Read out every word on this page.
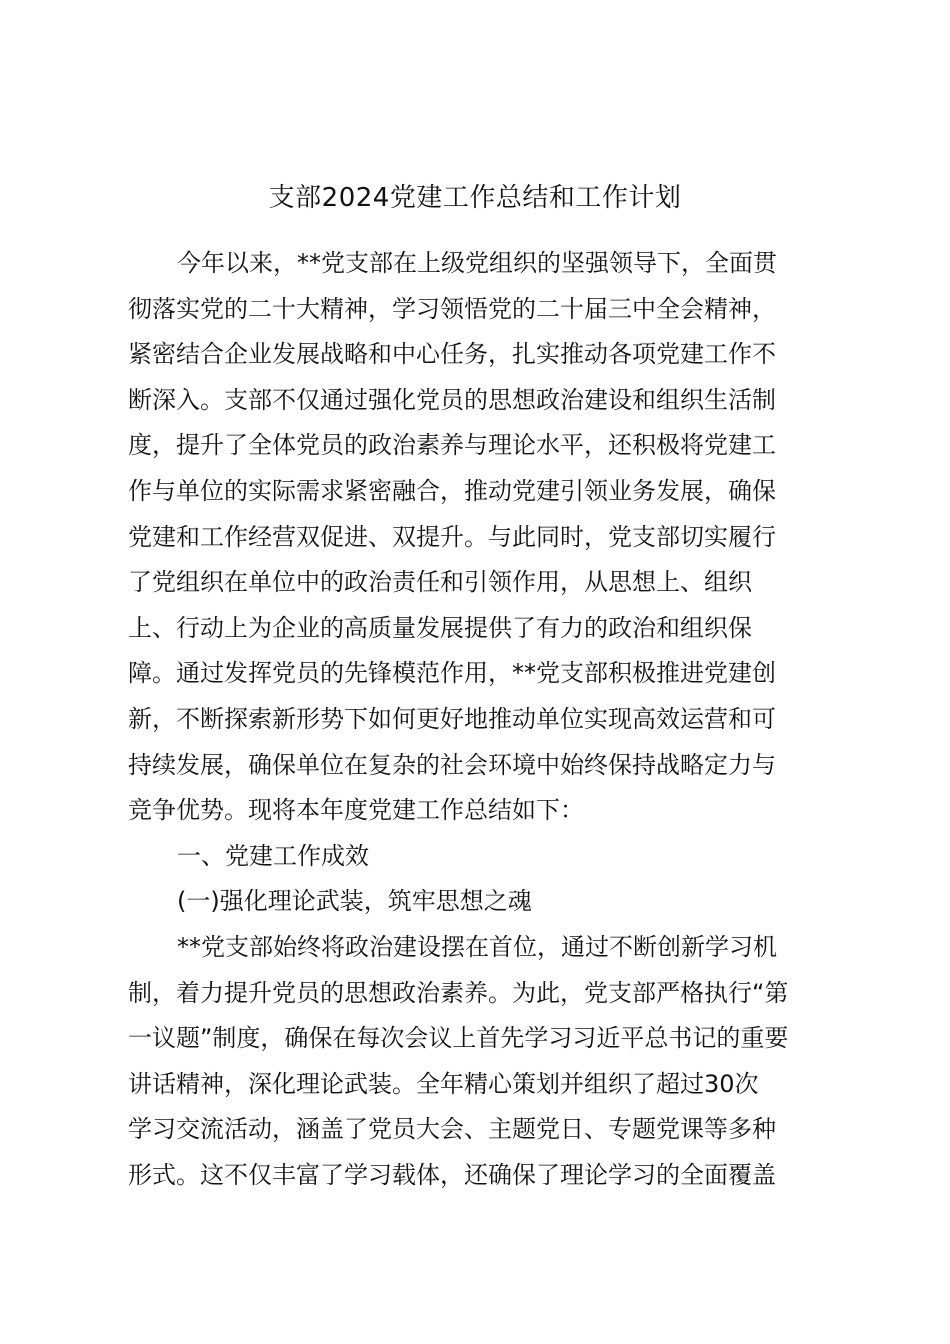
支部2024党建工作总结和工作计划
今年以来，**党支部在上级党组织的坚强领导下，全面贯
彻落实党的二十大精神，学习领悟党的二十届三中全会精神，
紧密结合企业发展战略和中心任务，扎实推动各项党建工作不
断深入。支部不仅通过强化党员的思想政治建设和组织生活制
度，提升了全体党员的政治素养与理论水平，还积极将党建工
作与单位的实际需求紧密融合，推动党建引领业务发展，确保
党建和工作经营双促进、双提升。与此同时，党支部切实履行
了党组织在单位中的政治责任和引领作用，从思想上、组织
上、行动上为企业的高质量发展提供了有力的政治和组织保
障。通过发挥党员的先锋模范作用，**党支部积极推进党建创
新，不断探索新形势下如何更好地推动单位实现高效运营和可
持续发展，确保单位在复杂的社会环境中始终保持战略定力与
竞争优势。现将本年度党建工作总结如下：
一、党建工作成效
(一)强化理论武装，筑牢思想之魂
**党支部始终将政治建设摆在首位，通过不断创新学习机
制，着力提升党员的思想政治素养。为此，党支部严格执行“第
一议题”制度，确保在每次会议上首先学习习近平总书记的重要
讲话精神，深化理论武装。全年精心策划并组织了超过30次
学习交流活动，涵盖了党员大会、主题党日、专题党课等多种
形式。这不仅丰富了学习载体，还确保了理论学习的全面覆盖
